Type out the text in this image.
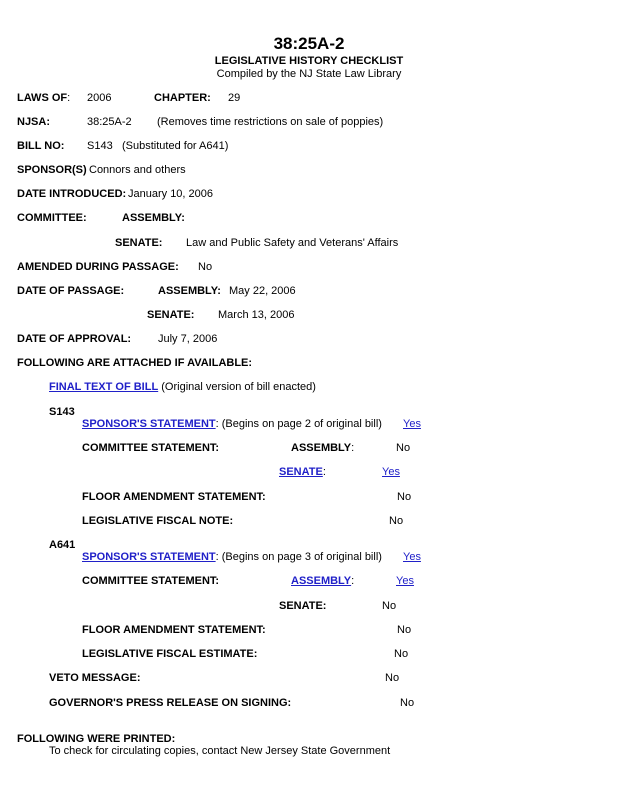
38:25A-2
LEGISLATIVE HISTORY CHECKLIST
Compiled by the NJ State Law Library
LAWS OF: 2006	CHAPTER: 29
NJSA:	38:25A-2 (Removes time restrictions on sale of poppies)
BILL NO: S143 (Substituted for A641)
SPONSOR(S) Connors and others
DATE INTRODUCED: January 10, 2006
COMMITTEE:	ASSEMBLY:
SENATE: Law and Public Safety and Veterans' Affairs
AMENDED DURING PASSAGE: No
DATE OF PASSAGE:	ASSEMBLY: May 22, 2006
SENATE: March 13, 2006
DATE OF APPROVAL: July 7, 2006
FOLLOWING ARE ATTACHED IF AVAILABLE:
FINAL TEXT OF BILL (Original version of bill enacted)
S143
SPONSOR'S STATEMENT: (Begins on page 2 of original bill) Yes
COMMITTEE STATEMENT:	ASSEMBLY:	No
SENATE:	Yes
FLOOR AMENDMENT STATEMENT:	No
LEGISLATIVE FISCAL NOTE:	No
A641
SPONSOR'S STATEMENT: (Begins on page 3 of original bill) Yes
COMMITTEE STATEMENT:	ASSEMBLY:	Yes
SENATE:	No
FLOOR AMENDMENT STATEMENT:	No
LEGISLATIVE FISCAL ESTIMATE:	No
VETO MESSAGE:	No
GOVERNOR'S PRESS RELEASE ON SIGNING:	No
FOLLOWING WERE PRINTED:
To check for circulating copies, contact New Jersey State Government
